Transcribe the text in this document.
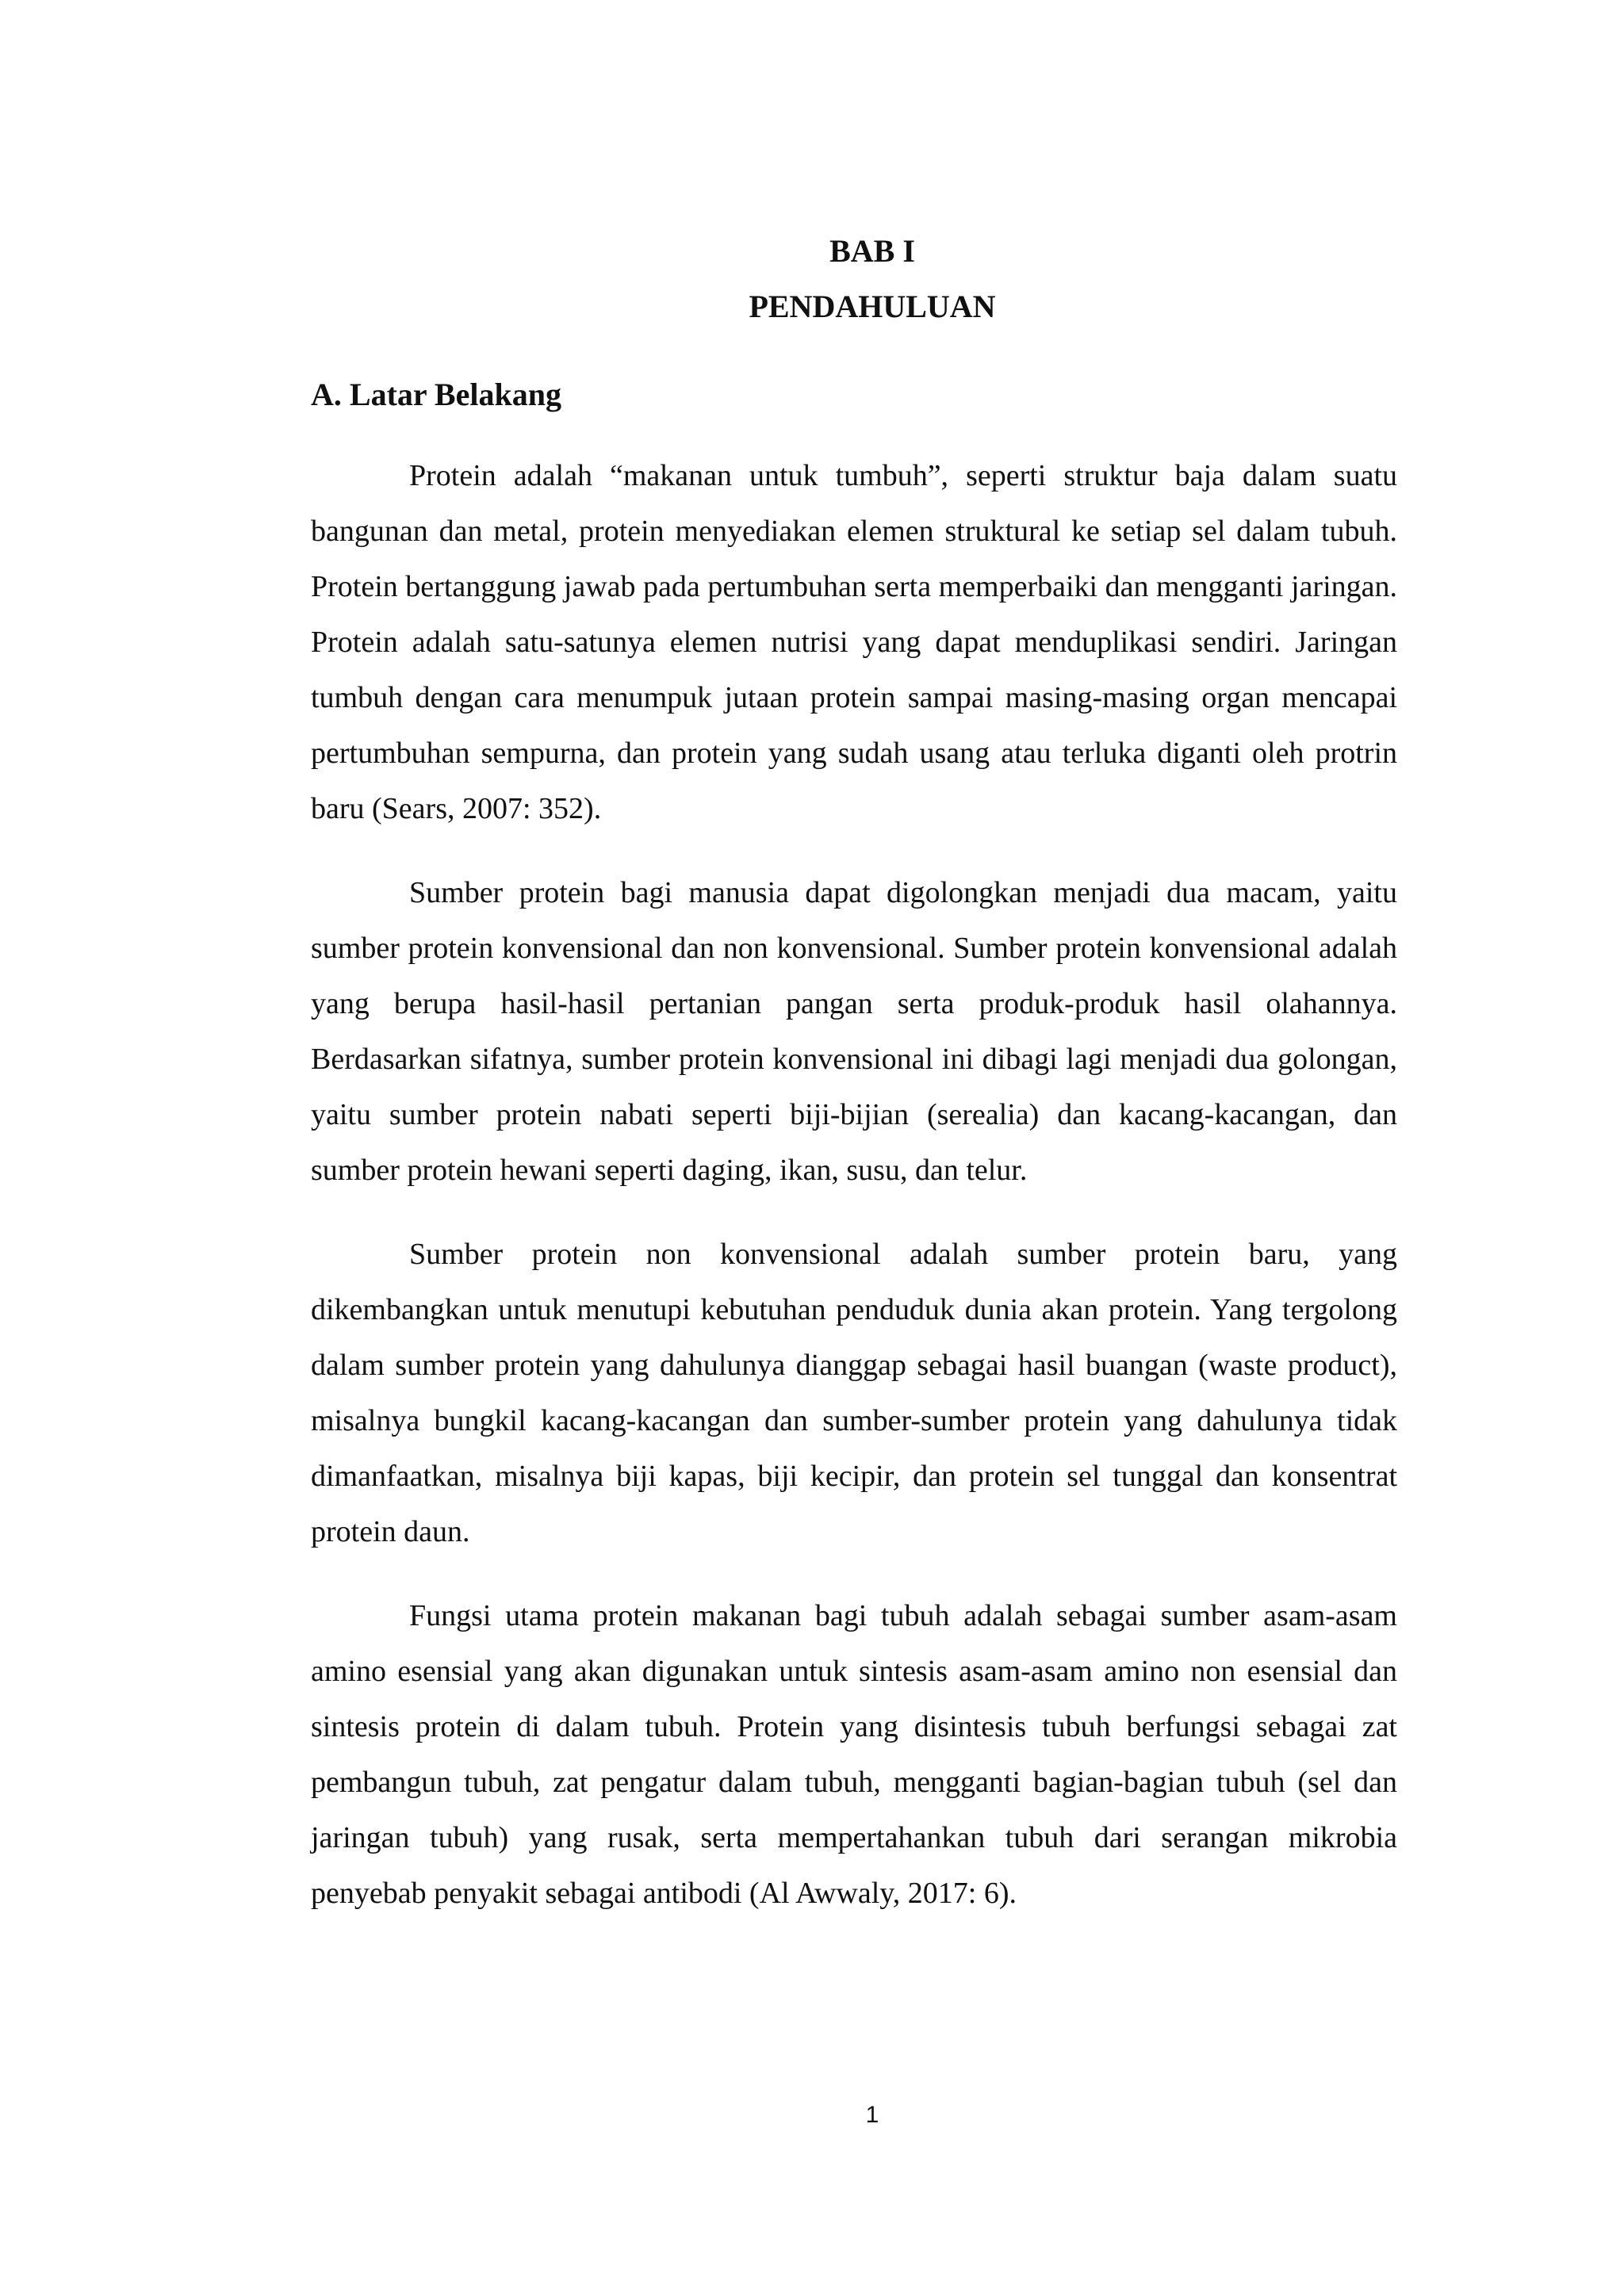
BAB I
PENDAHULUAN
A. Latar Belakang

Protein adalah “makanan untuk tumbuh”, seperti struktur baja dalam suatu bangunan dan metal, protein menyediakan elemen struktural ke setiap sel dalam tubuh. Protein bertanggung jawab pada pertumbuhan serta memperbaiki dan mengganti jaringan. Protein adalah satu-satunya elemen nutrisi yang dapat menduplikasi sendiri. Jaringan tumbuh dengan cara menumpuk jutaan protein sampai masing-masing organ mencapai pertumbuhan sempurna, dan protein yang sudah usang atau terluka diganti oleh protrin baru (Sears, 2007: 352).

Sumber protein bagi manusia dapat digolongkan menjadi dua macam, yaitu sumber protein konvensional dan non konvensional. Sumber protein konvensional adalah yang berupa hasil-hasil pertanian pangan serta produk-produk hasil olahannya. Berdasarkan sifatnya, sumber protein konvensional ini dibagi lagi menjadi dua golongan, yaitu sumber protein nabati seperti biji-bijian (serealia) dan kacang-kacangan, dan sumber protein hewani seperti daging, ikan, susu, dan telur.

Sumber protein non konvensional adalah sumber protein baru, yang dikembangkan untuk menutupi kebutuhan penduduk dunia akan protein. Yang tergolong dalam sumber protein yang dahulunya dianggap sebagai hasil buangan (waste product), misalnya bungkil kacang-kacangan dan sumber-sumber protein yang dahulunya tidak dimanfaatkan, misalnya biji kapas, biji kecipir, dan protein sel tunggal dan konsentrat protein daun.

Fungsi utama protein makanan bagi tubuh adalah sebagai sumber asam-asam amino esensial yang akan digunakan untuk sintesis asam-asam amino non esensial dan sintesis protein di dalam tubuh. Protein yang disintesis tubuh berfungsi sebagai zat pembangun tubuh, zat pengatur dalam tubuh, mengganti bagian-bagian tubuh (sel dan jaringan tubuh) yang rusak, serta mempertahankan tubuh dari serangan mikrobia penyebab penyakit sebagai antibodi (Al Awwaly, 2017: 6).

1
